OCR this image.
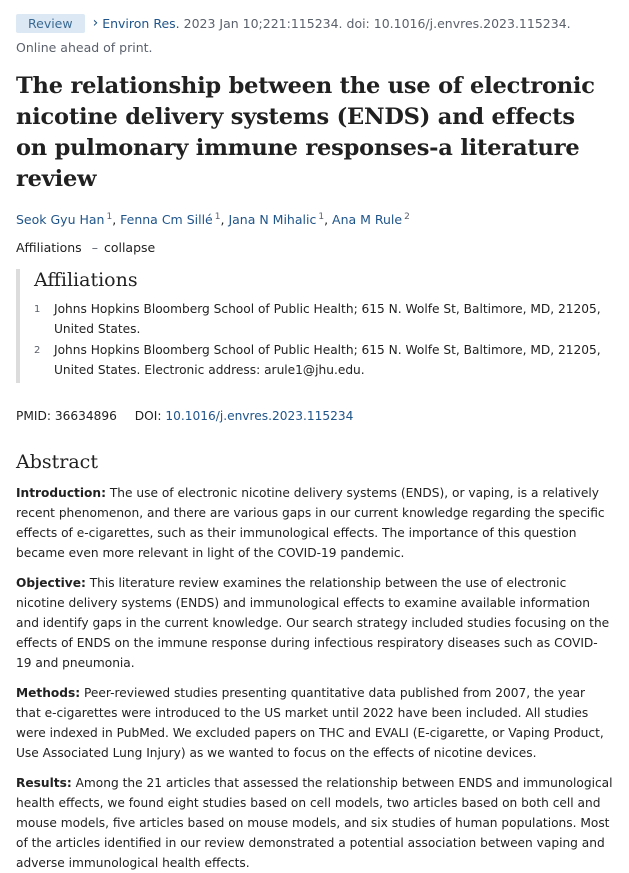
Review	› Environ Res. 2023 Jan 10;221:115234. doi: 10.1016/j.envres.2023.115234.
Online ahead of print.
The relationship between the use of electronic nicotine delivery systems (ENDS) and effects on pulmonary immune responses-a literature review
Seok Gyu Han $^1$, Fenna Cm Sillé $^1$, Jana N Mihalic $^1$, Ana M Rule $^2$
Affiliations – collapse
Affiliations
1	Johns Hopkins Bloomberg School of Public Health; 615 N. Wolfe St, Baltimore, MD, 21205, United States.
2	Johns Hopkins Bloomberg School of Public Health; 615 N. Wolfe St, Baltimore, MD, 21205, United States. Electronic address: arule1@jhu.edu.
PMID: 36634896 DOI: 10.1016/j.envres.2023.115234
Abstract

Introduction: The use of electronic nicotine delivery systems (ENDS), or vaping, is a relatively recent phenomenon, and there are various gaps in our current knowledge regarding the specific effects of e-cigarettes, such as their immunological effects. The importance of this question became even more relevant in light of the COVID-19 pandemic.

Objective: This literature review examines the relationship between the use of electronic nicotine delivery systems (ENDS) and immunological effects to examine available information and identify gaps in the current knowledge. Our search strategy included studies focusing on the effects of ENDS on the immune response during infectious respiratory diseases such as COVID-19 and pneumonia.

Methods: Peer-reviewed studies presenting quantitative data published from 2007, the year that e-cigarettes were introduced to the US market until 2022 have been included. All studies were indexed in PubMed. We excluded papers on THC and EVALI (E-cigarette, or Vaping Product, Use Associated Lung Injury) as we wanted to focus on the effects of nicotine devices.

Results: Among the 21 articles that assessed the relationship between ENDS and immunological health effects, we found eight studies based on cell models, two articles based on both cell and mouse models, five articles based on mouse models, and six studies of human populations. Most of the articles identified in our review demonstrated a potential association between vaping and adverse immunological health effects.
